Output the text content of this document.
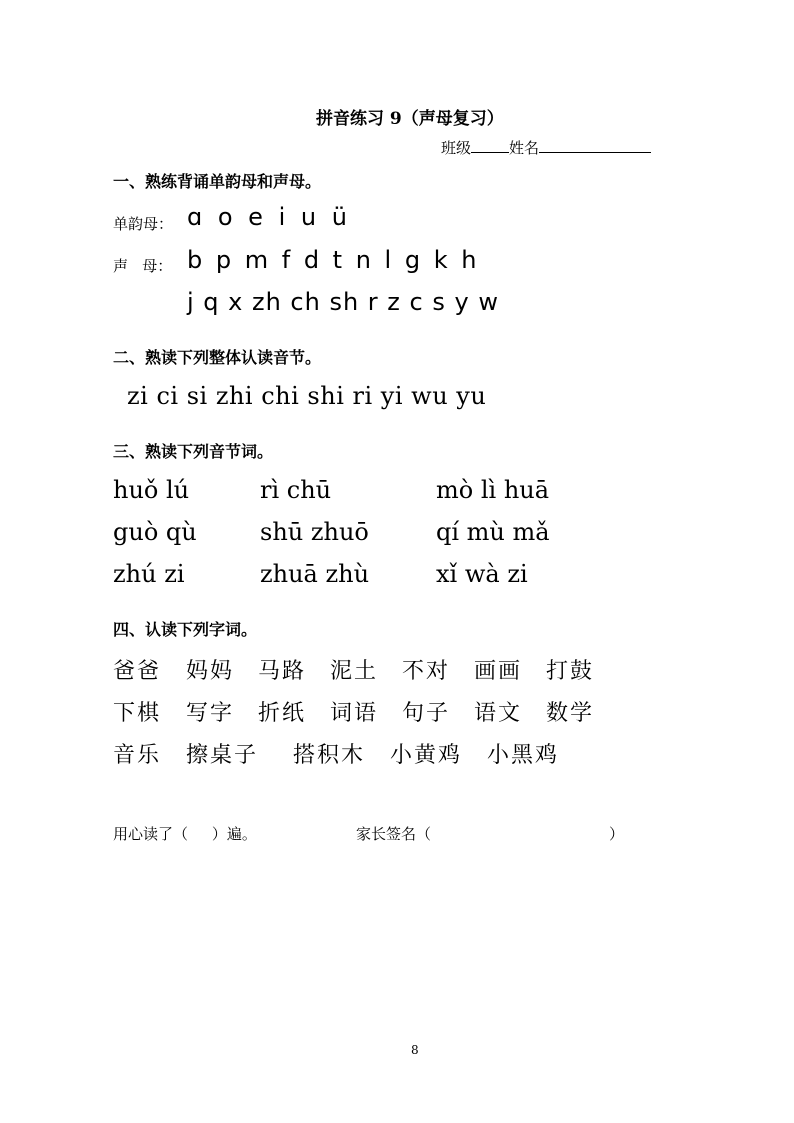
拼音练习 9（声母复习）
班级	姓名
一、熟练背诵单韵母和声母。
单韵母： ɑ o e i u ü
声   母： b p m f d t n l g k h
j q x zh ch sh r z c s y w
二、熟读下列整体认读音节。
zi ci si zhi chi shi ri yi wu yu
三、熟读下列音节词。
huǒ lú	rì chū	mò lì huā
guò qù	shū zhuō	qí mù mǎ
zhú zi	zhuā zhù	xǐ wà zi
四、认读下列字词。
爸爸 妈妈 马路 泥土 不对 画画 打鼓
下棋 写字 折纸 词语 句子 语文 数学
音乐 擦桌子 搭积木 小黄鸡 小黑鸡
用心读了（     ）遍。	家长签名（	）
8
